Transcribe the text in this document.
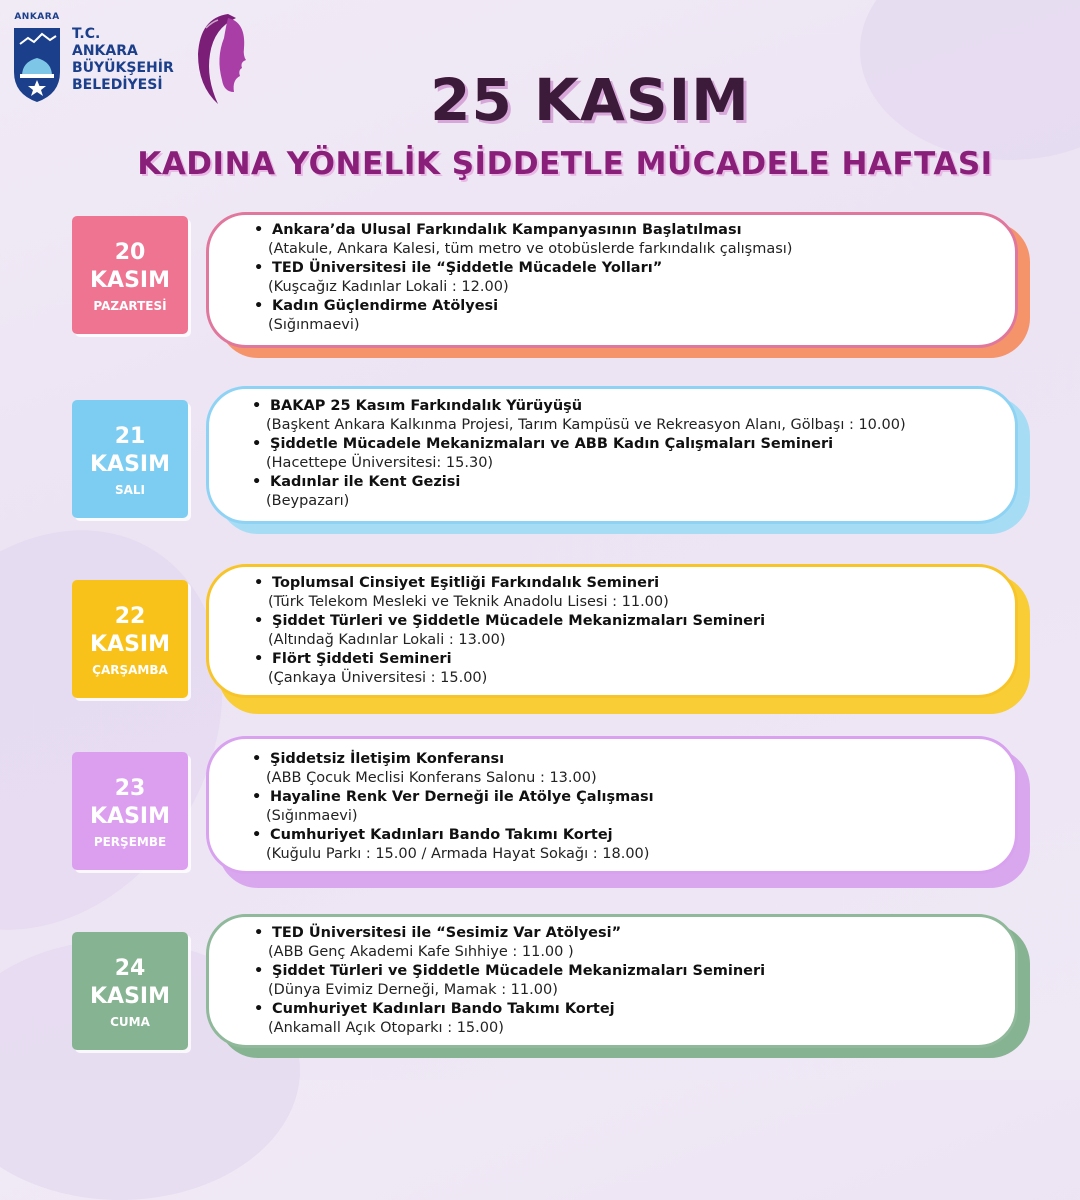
ANKARA
T.C.
ANKARA
BÜYÜKŞEHİR
BELEDİYESİ	25 KASIM
KADINA YÖNELİK ŞİDDETLE MÜCADELE HAFTASI
20
KASIM
PAZARTESİ
• Ankara’da Ulusal Farkındalık Kampanyasının Başlatılması
(Atakule, Ankara Kalesi, tüm metro ve otobüslerde farkındalık çalışması)
• TED Üniversitesi ile “Şiddetle Mücadele Yolları”
(Kuşcağız Kadınlar Lokali : 12.00)
• Kadın Güçlendirme Atölyesi
(Sığınmaevi)
21
KASIM
SALI
• BAKAP 25 Kasım Farkındalık Yürüyüşü
(Başkent Ankara Kalkınma Projesi, Tarım Kampüsü ve Rekreasyon Alanı, Gölbaşı : 10.00)
• Şiddetle Mücadele Mekanizmaları ve ABB Kadın Çalışmaları Semineri
(Hacettepe Üniversitesi: 15.30)
• Kadınlar ile Kent Gezisi
(Beypazarı)
22
KASIM
ÇARŞAMBA
• Toplumsal Cinsiyet Eşitliği Farkındalık Semineri
(Türk Telekom Mesleki ve Teknik Anadolu Lisesi : 11.00)
• Şiddet Türleri ve Şiddetle Mücadele Mekanizmaları Semineri
(Altındağ Kadınlar Lokali : 13.00)
• Flört Şiddeti Semineri
(Çankaya Üniversitesi : 15.00)
23
KASIM
PERŞEMBE
• Şiddetsiz İletişim Konferansı
(ABB Çocuk Meclisi Konferans Salonu : 13.00)
• Hayaline Renk Ver Derneği ile Atölye Çalışması
(Sığınmaevi)
• Cumhuriyet Kadınları Bando Takımı Kortej
(Kuğulu Parkı : 15.00 / Armada Hayat Sokağı : 18.00)
24
KASIM
CUMA
• TED Üniversitesi ile “Sesimiz Var Atölyesi”
(ABB Genç Akademi Kafe Sıhhiye : 11.00 )
• Şiddet Türleri ve Şiddetle Mücadele Mekanizmaları Semineri
(Dünya Evimiz Derneği, Mamak : 11.00)
• Cumhuriyet Kadınları Bando Takımı Kortej
(Ankamall Açık Otoparkı : 15.00)
